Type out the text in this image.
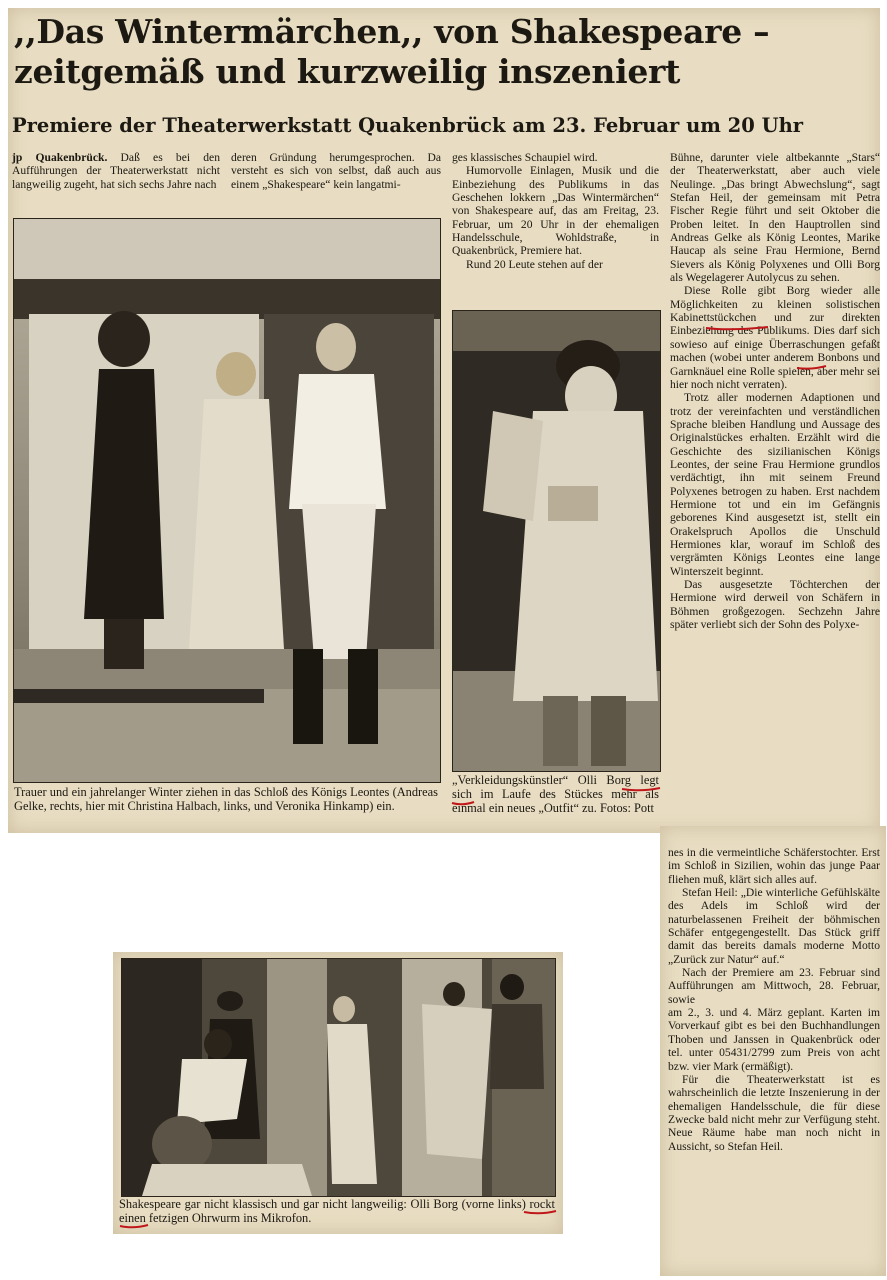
,,Das Wintermärchen,, von Shakespeare –
zeitgemäß und kurzweilig inszeniert
Premiere der Theaterwerkstatt Quakenbrück am 23. Februar um 20 Uhr

jp Quakenbrück. Daß es bei den Aufführungen der Theaterwerkstatt nicht langweilig zugeht, hat sich sechs Jahre nach

deren Gründung herumgesprochen. Da versteht es sich von selbst, daß auch aus einem „Shakespeare“ kein langatmi-

ges klassisches Schaupiel wird.

Humorvolle Einlagen, Musik und die Einbeziehung des Publikums in das Geschehen lokkern „Das Wintermärchen“ von Shakespeare auf, das am Freitag, 23. Februar, um 20 Uhr in der ehemaligen Handelsschule, Wohldstraße, in Quakenbrück, Premiere hat.

Rund 20 Leute stehen auf der

Bühne, darunter viele altbekannte „Stars“ der Theaterwerkstatt, aber auch viele Neulinge. „Das bringt Abwechslung“, sagt Stefan Heil, der gemeinsam mit Petra Fischer Regie führt und seit Oktober die Proben leitet. In den Hauptrollen sind Andreas Gelke als König Leontes, Marike Haucap als seine Frau Hermione, Bernd Sievers als König Polyxenes und Olli Borg als Wegelagerer Autolycus zu sehen.

Diese Rolle gibt Borg wieder alle Möglichkeiten zu kleinen solistischen Kabinettstückchen und zur direkten Einbeziehung des Publikums. Dies darf sich sowieso auf einige Überraschungen gefaßt machen (wobei unter anderem Bonbons und Garnknäuel eine Rolle spielen, aber mehr sei hier noch nicht verraten).

Trotz aller modernen Adaptionen und trotz der vereinfachten und verständlichen Sprache bleiben Handlung und Aussage des Originalstückes erhalten. Erzählt wird die Geschichte des sizilianischen Königs Leontes, der seine Frau Hermione grundlos verdächtigt, ihn mit seinem Freund Polyxenes betrogen zu haben. Erst nachdem Hermione tot und ein im Gefängnis geborenes Kind ausgesetzt ist, stellt ein Orakelspruch Apollos die Unschuld Hermiones klar, worauf im Schloß des vergrämten Königs Leontes eine lange Winterszeit beginnt.

Das ausgesetzte Töchterchen der Hermione wird derweil von Schäfern in Böhmen großgezogen. Sechzehn Jahre später verliebt sich der Sohn des Polyxe-

nes in die vermeintliche Schäferstochter. Erst im Schloß in Sizilien, wohin das junge Paar fliehen muß, klärt sich alles auf.

Stefan Heil: „Die winterliche Gefühlskälte des Adels im Schloß wird der naturbelassenen Freiheit der böhmischen Schäfer entgegengestellt. Das Stück griff damit das bereits damals moderne Motto „Zurück zur Natur“ auf.“

Nach der Premiere am 23. Februar sind Aufführungen am Mittwoch, 28. Februar, sowie

am 2., 3. und 4. März geplant. Karten im Vorverkauf gibt es bei den Buchhandlungen Thoben und Janssen in Quakenbrück oder tel. unter 05431/2799 zum Preis von acht bzw. vier Mark (ermäßigt).

Für die Theaterwerkstatt ist es wahrscheinlich die letzte Inszenierung in der ehemaligen Handelsschule, die für diese Zwecke bald nicht mehr zur Verfügung steht. Neue Räume habe man noch nicht in Aussicht, so Stefan Heil.

Trauer und ein jahrelanger Winter ziehen in das Schloß des Königs Leontes (Andreas Gelke, rechts, hier mit Christina Halbach, links, und Veronika Hinkamp) ein.
„Verkleidungskünstler“ Olli Borg legt sich im Laufe des Stückes mehr als einmal ein neues „Outfit“ zu. Fotos: Pott
Shakespeare gar nicht klassisch und gar nicht langweilig: Olli Borg (vorne links) rockt einen fetzigen Ohrwurm ins Mikrofon.
